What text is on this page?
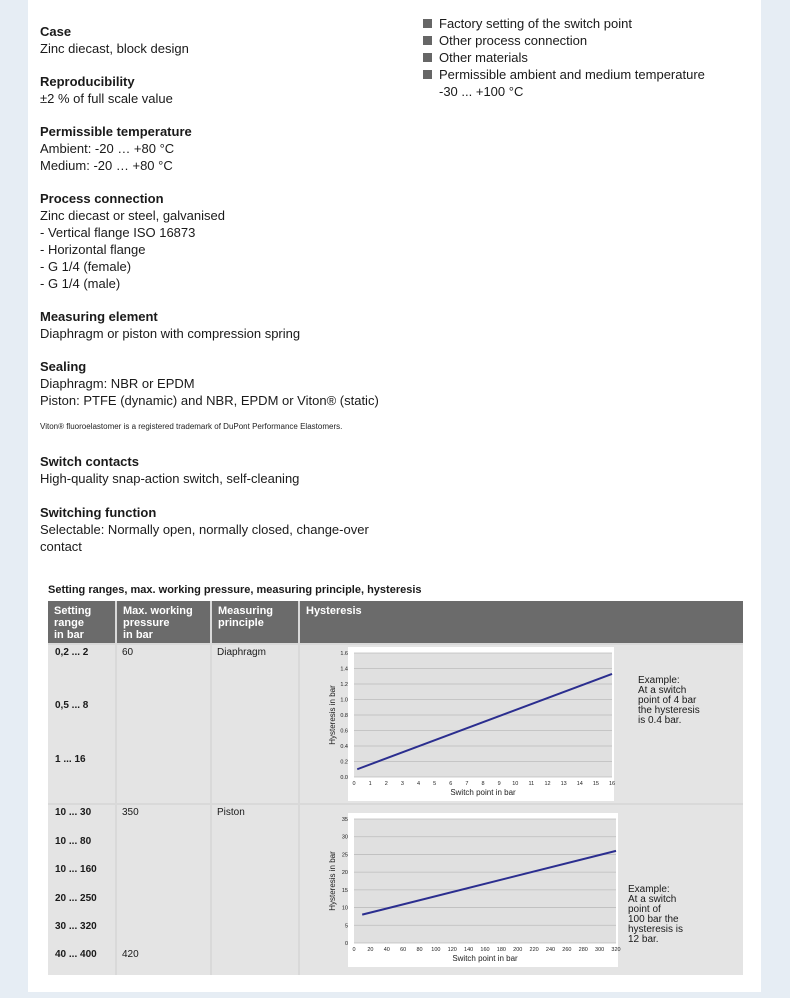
Case
Zinc diecast, block design
Reproducibility
±2 % of full scale value
Permissible temperature
Ambient: -20 … +80 °C
Medium: -20 … +80 °C
Process connection
Zinc diecast or steel, galvanised
- Vertical flange ISO 16873
- Horizontal flange
- G 1/4 (female)
- G 1/4 (male)
Measuring element
Diaphragm or piston with compression spring
Sealing
Diaphragm: NBR or EPDM
Piston: PTFE (dynamic) and NBR, EPDM or Viton® (static)
Viton® fluoroelastomer is a registered trademark of DuPont Performance Elastomers.
Switch contacts
High-quality snap-action switch, self-cleaning
Switching function
Selectable: Normally open, normally closed, change-over
contact
Factory setting of the switch point
Other process connection
Other materials
Permissible ambient and medium temperature
-30 ... +100 °C
Setting ranges, max. working pressure, measuring principle, hysteresis
Setting
range
in bar
Max. working
pressure
in bar
Measuring
principle
Hysteresis
0,2 ... 2
0,5 ... 8
1 ... 16
60	Diaphragm
10 ... 30
10 ... 80
10 ... 160
20 ... 250
30 ... 320
40 ... 400
350
420
Piston
0.0
0.2
0.4
0.6
0.8
1.0
1.2
1.4
1.6
0 1 2 3 4 5 6 7 8 9 10 11 12 13 14 15 16
Switch point in bar
Hysteresis in bar
Example:
At a switch
point of 4 bar
the hysteresis
is 0.4 bar.
0
5
10
15
20
25
30
35
0 20 40 60 80 100 120 140 160 180 200 220 240 260 280 300 320
Switch point in bar
Hysteresis in bar	Example:
At a switch
point of
100 bar the
hysteresis is
12 bar.
